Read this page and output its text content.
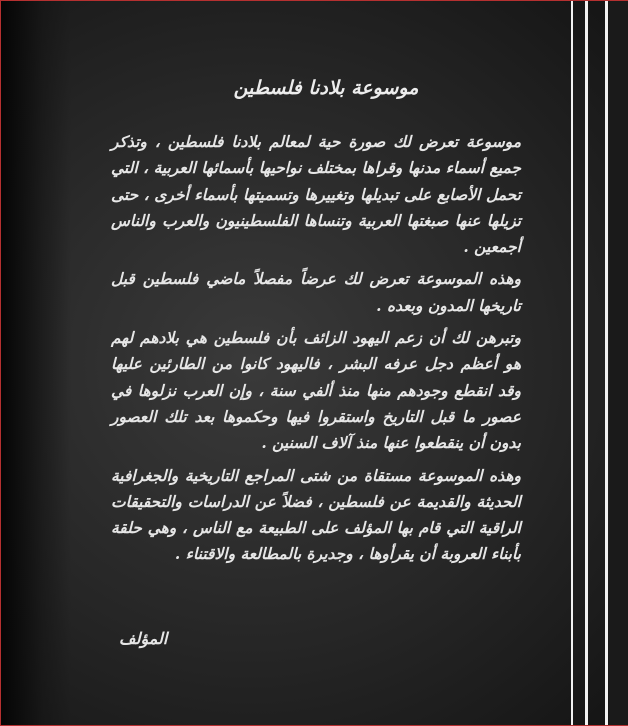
موسوعة بلادنا فلسطين

موسوعة تعرض لك صورة حية لمعالم بلادنا فلسطين ، وتذكر جميع أسماء مدنها وقراها بمختلف نواحيها بأسمائها العربية ، التي تحمل الأصابع على تبديلها وتغييرها وتسميتها بأسماء أخرى ، حتى تزيلها عنها صبغتها العربية وتنساها الفلسطينيون والعرب والناس أجمعين .

وهذه الموسوعة تعرض لك عرضاً مفصلاً ماضي فلسطين قبل تاريخها المدون وبعده .

وتبرهن لك أن زعم اليهود الزائف بأن فلسطين هي بلادهم لهم هو أعظم دجل عرفه البشر ، فاليهود كانوا من الطارئين عليها وقد انقطع وجودهم منها منذ ألفي سنة ، وإن العرب نزلوها في عصور ما قبل التاريخ واستقروا فيها وحكموها بعد تلك العصور بدون أن ينقطعوا عنها منذ آلاف السنين .

وهذه الموسوعة مستقاة من شتى المراجع التاريخية والجغرافية الحديثة والقديمة عن فلسطين ، فضلاً عن الدراسات والتحقيقات الراقية التي قام بها المؤلف على الطبيعة مع الناس ، وهي حلقة بأبناء العروبة أن يقرأوها ، وجديرة بالمطالعة والاقتناء .

المؤلف
